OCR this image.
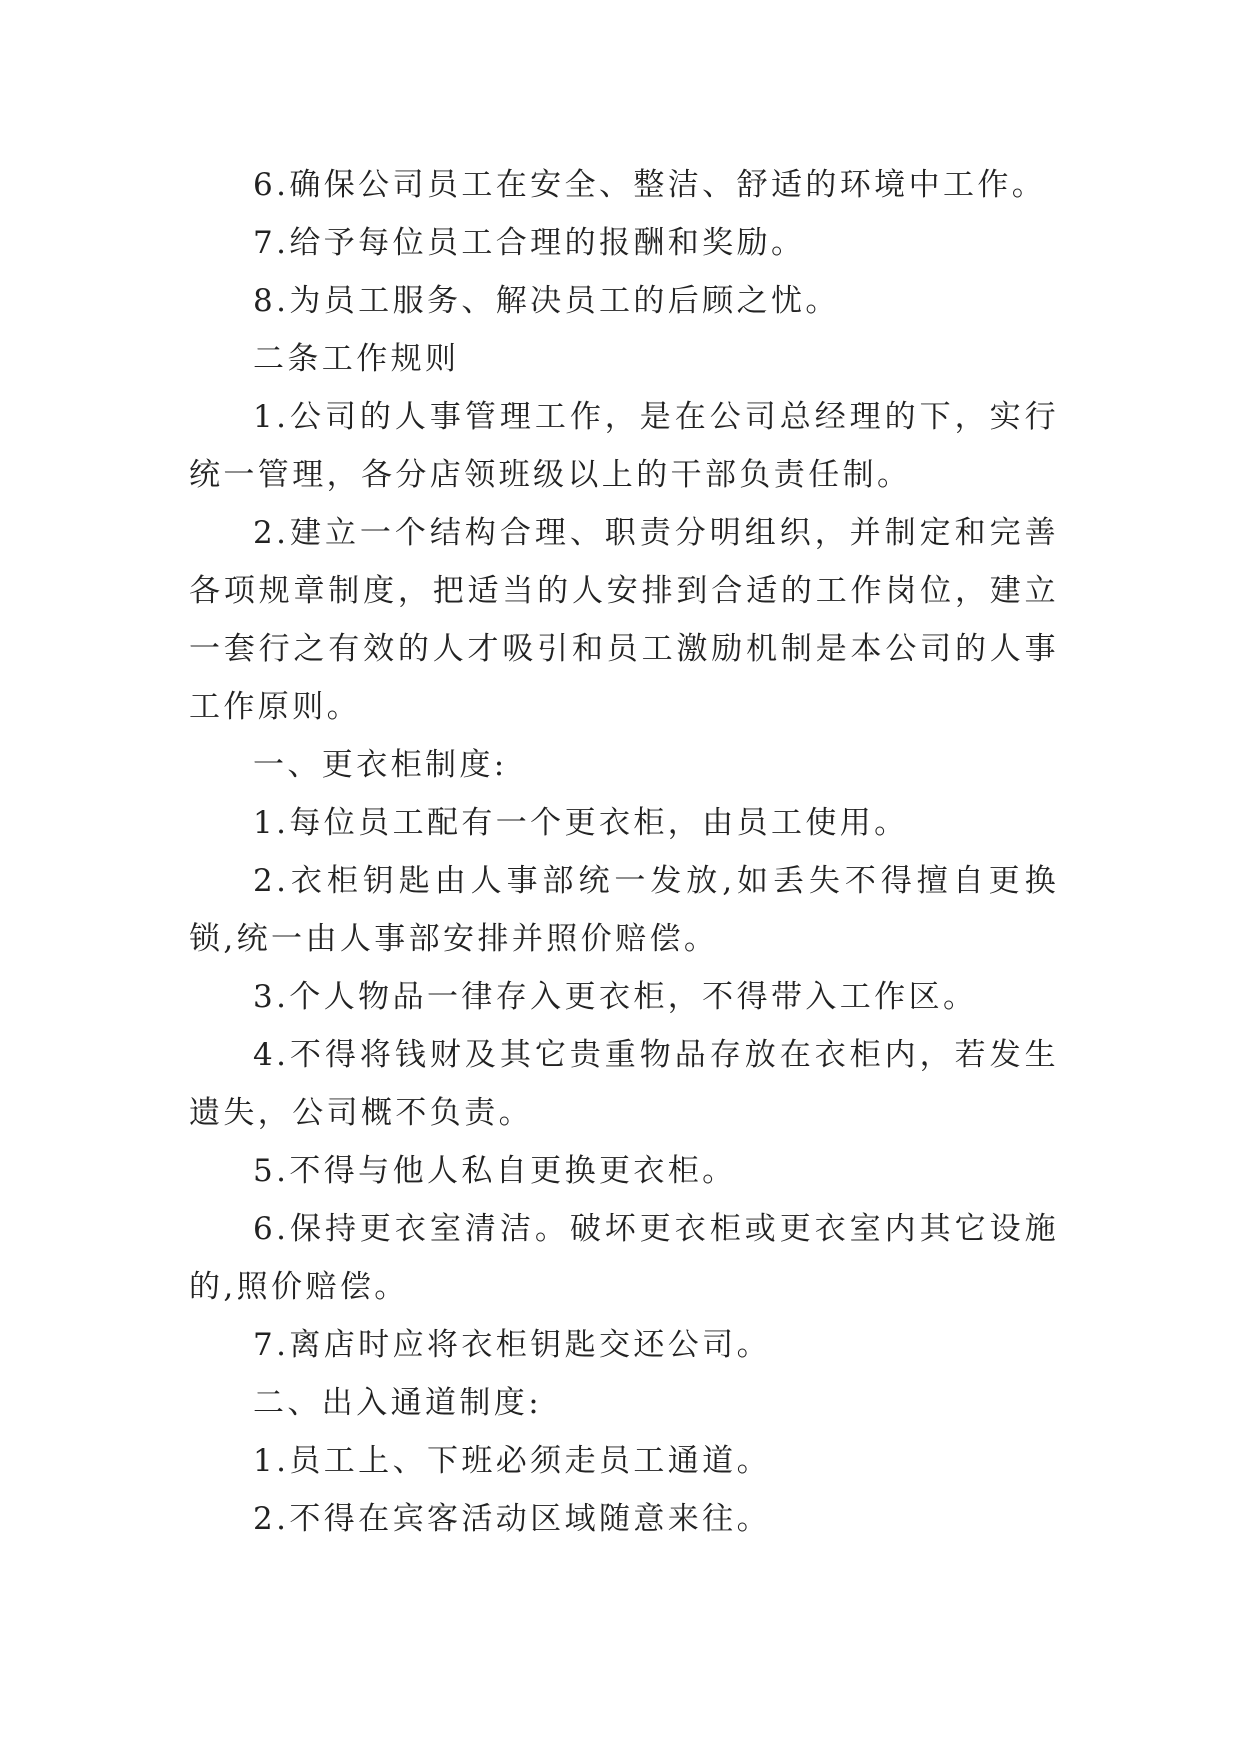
6.确保公司员工在安全、整洁、舒适的环境中工作。

7.给予每位员工合理的报酬和奖励。

8.为员工服务、解决员工的后顾之忧。

二条工作规则

1.公司的人事管理工作，是在公司总经理的下，实行统一管理，各分店领班级以上的干部负责任制。

2.建立一个结构合理、职责分明组织，并制定和完善各项规章制度，把适当的人安排到合适的工作岗位，建立一套行之有效的人才吸引和员工激励机制是本公司的人事工作原则。

一、更衣柜制度:

1.每位员工配有一个更衣柜，由员工使用。

2.衣柜钥匙由人事部统一发放,如丢失不得擅自更换锁,统一由人事部安排并照价赔偿。

3.个人物品一律存入更衣柜，不得带入工作区。

4.不得将钱财及其它贵重物品存放在衣柜内，若发生遗失，公司概不负责。

5.不得与他人私自更换更衣柜。

6.保持更衣室清洁。破坏更衣柜或更衣室内其它设施的,照价赔偿。

7.离店时应将衣柜钥匙交还公司。

二、出入通道制度:

1.员工上、下班必须走员工通道。

2.不得在宾客活动区域随意来往。
